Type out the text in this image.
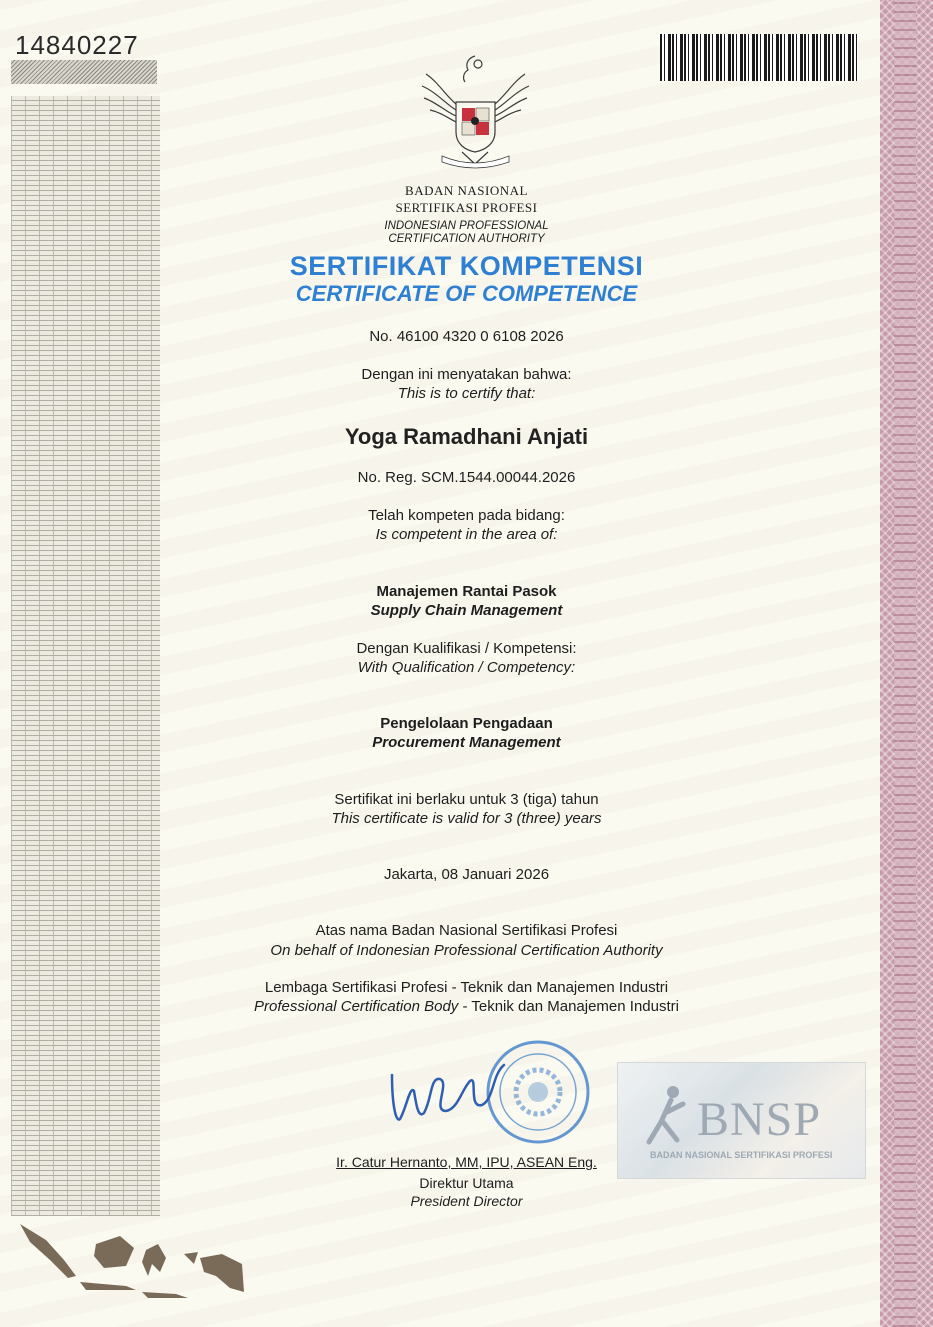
14840227
BADAN NASIONAL
SERTIFIKASI PROFESI
INDONESIAN PROFESSIONAL
CERTIFICATION AUTHORITY
SERTIFIKAT KOMPETENSI
CERTIFICATE OF COMPETENCE
No. 46100 4320 0 6108 2026
Dengan ini menyatakan bahwa:
This is to certify that:
Yoga Ramadhani Anjati
No. Reg. SCM.1544.00044.2026
Telah kompeten pada bidang:
Is competent in the area of:
Manajemen Rantai Pasok
Supply Chain Management
Dengan Kualifikasi / Kompetensi:
With Qualification / Competency:
Pengelolaan Pengadaan
Procurement Management
Sertifikat ini berlaku untuk 3 (tiga) tahun
This certificate is valid for 3 (three) years
Jakarta, 08 Januari 2026
Atas nama Badan Nasional Sertifikasi Profesi
On behalf of Indonesian Professional Certification Authority
Lembaga Sertifikasi Profesi - Teknik dan Manajemen Industri
Professional Certification Body - Teknik dan Manajemen Industri
Ir. Catur Hernanto, MM, IPU, ASEAN Eng.
Direktur Utama
President Director
BNSP
BADAN NASIONAL SERTIFIKASI PROFESI
